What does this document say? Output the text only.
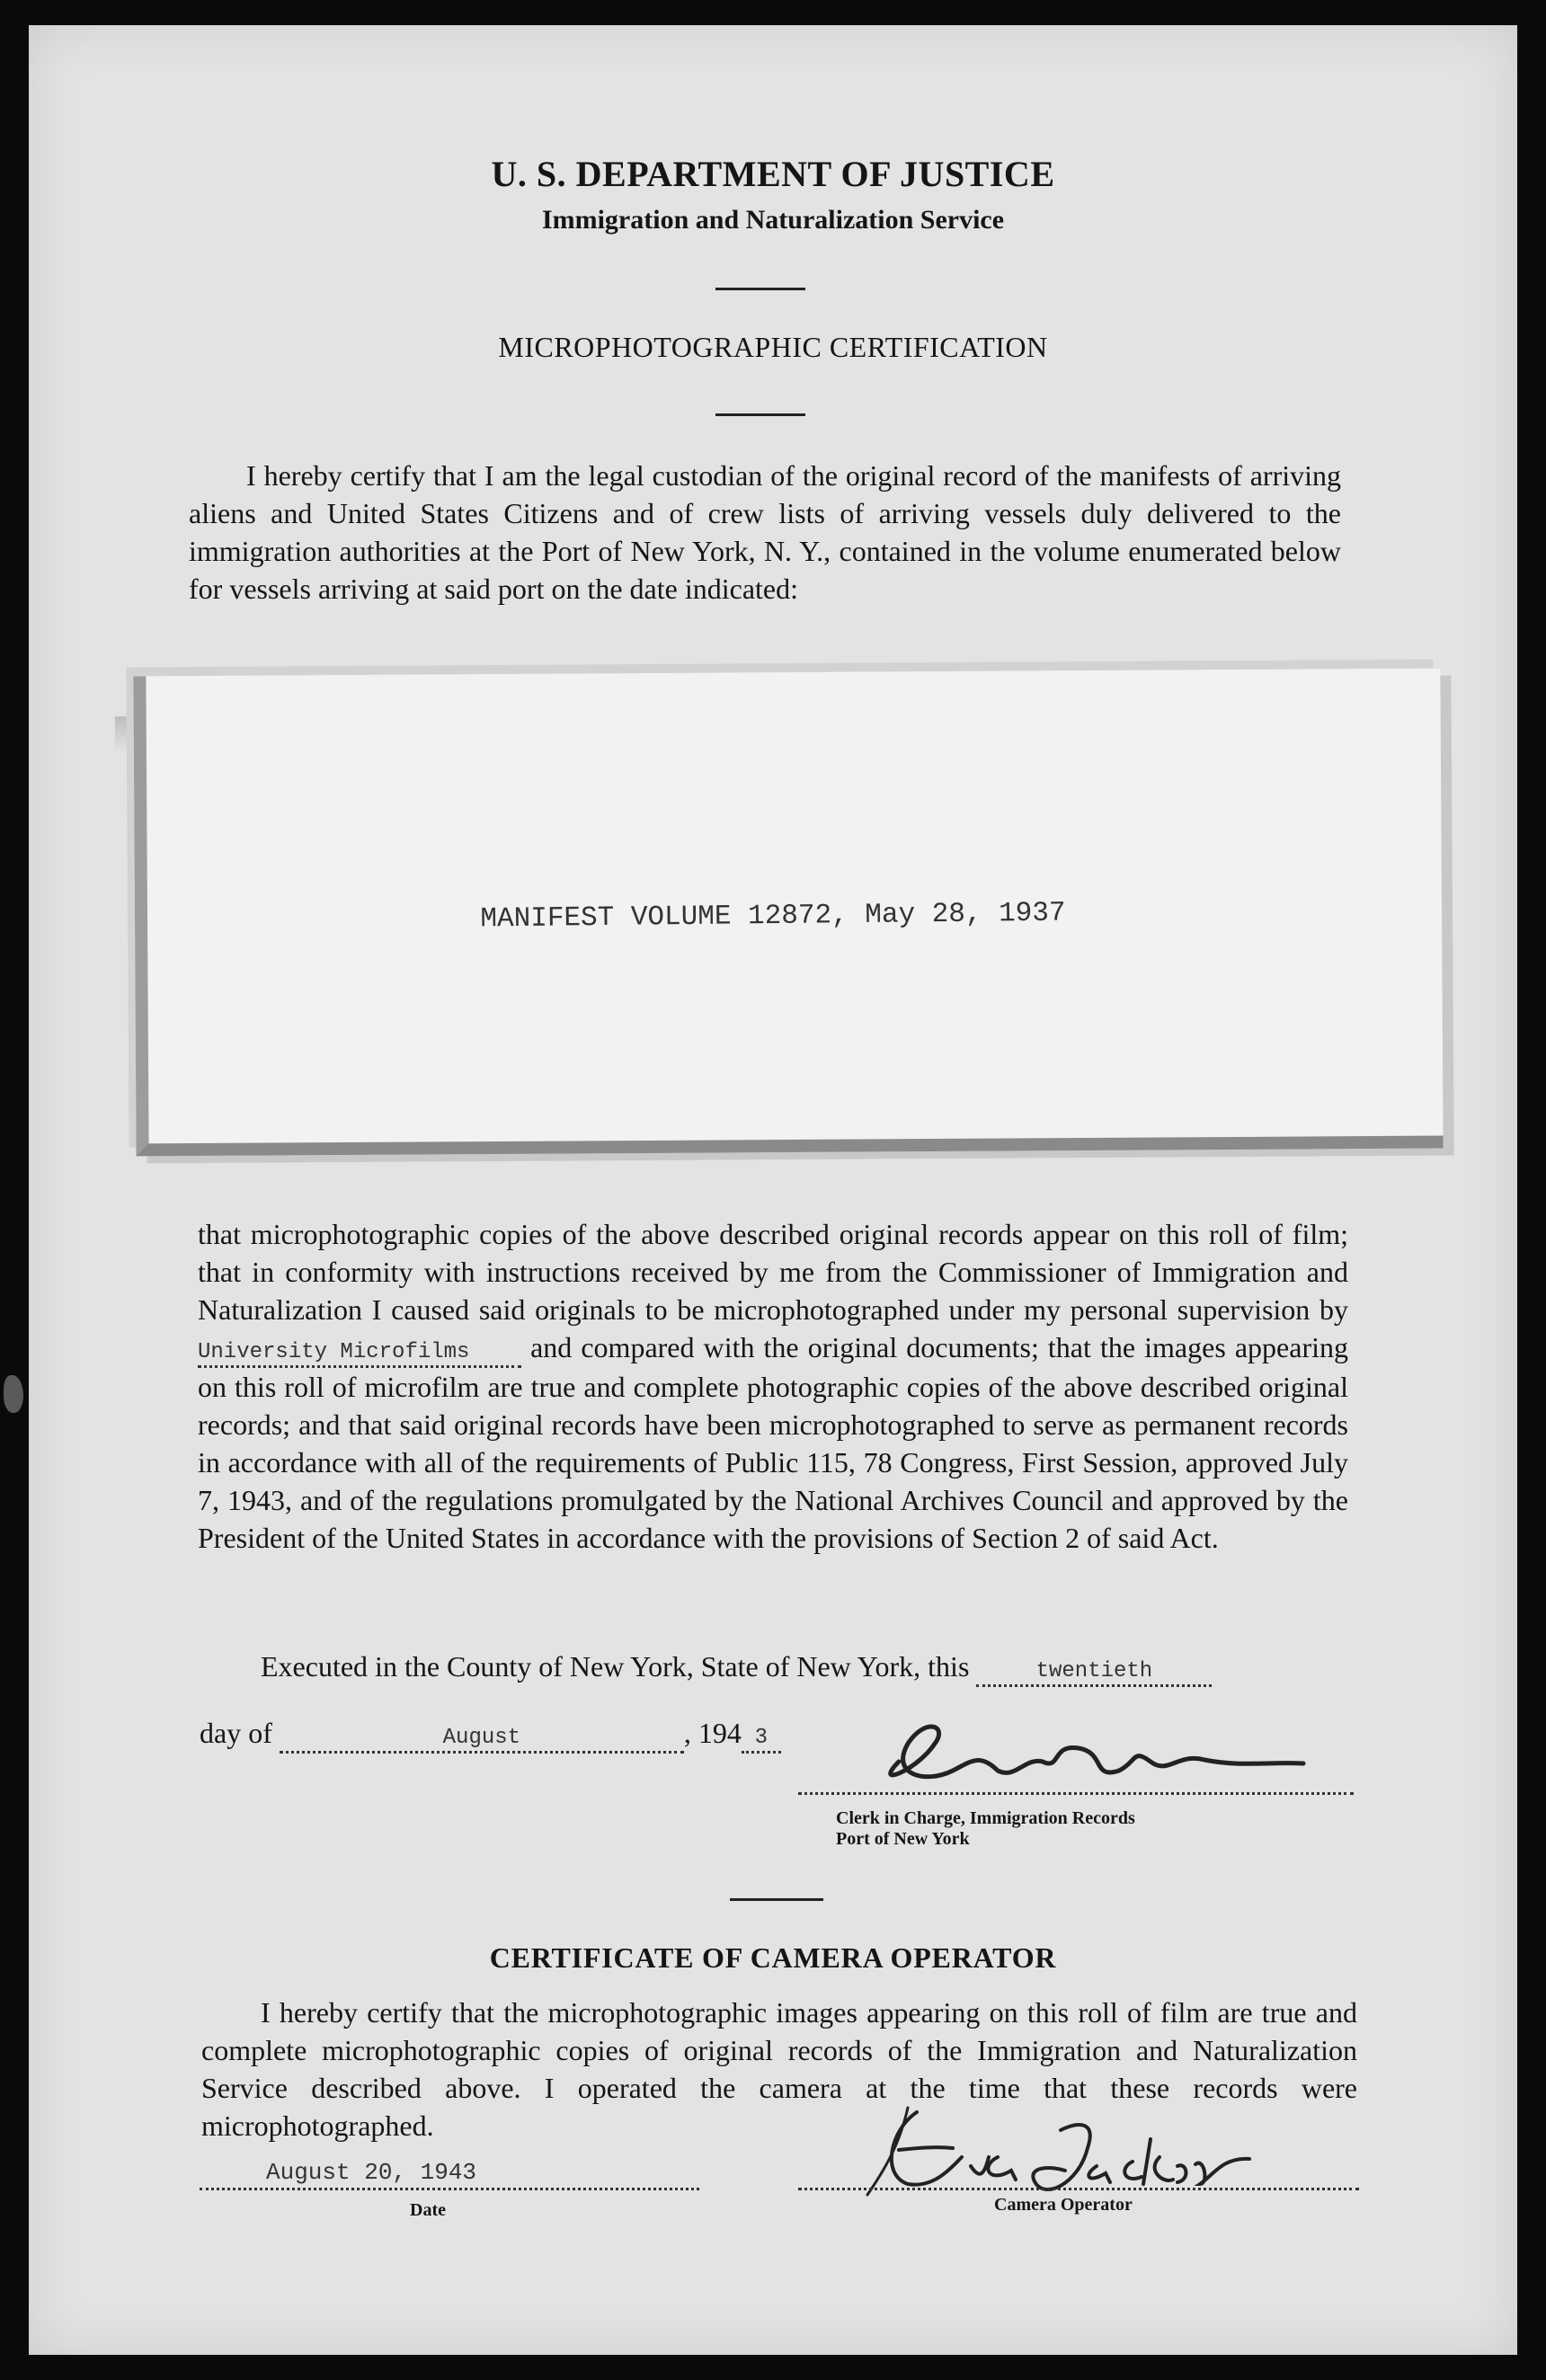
U. S. DEPARTMENT OF JUSTICE
Immigration and Naturalization Service
MICROPHOTOGRAPHIC CERTIFICATION
I hereby certify that I am the legal custodian of the original record of the manifests of arriving aliens and United States Citizens and of crew lists of arriving vessels duly delivered to the immigration authorities at the Port of New York, N. Y., contained in the volume enumerated below for vessels arriving at said port on the date indicated:
MANIFEST VOLUME 12872, May 28, 1937
that microphotographic copies of the above described original records appear on this roll of film; that in conformity with instructions received by me from the Commissioner of Immigration and Naturalization I caused said originals to be microphotographed under my personal supervision by University Microfilms and compared with the original documents; that the images appearing on this roll of microfilm are true and complete photographic copies of the above described original records; and that said original records have been microphotographed to serve as permanent records in accordance with all of the requirements of Public 115, 78 Congress, First Session, approved July 7, 1943, and of the regulations promulgated by the National Archives Council and approved by the President of the United States in accordance with the provisions of Section 2 of said Act.
Executed in the County of New York, State of New York, this	twentieth
day of	August	, 194 3
Clerk in Charge, Immigration Records
Port of New York
CERTIFICATE OF CAMERA OPERATOR
I hereby certify that the microphotographic images appearing on this roll of film are true and complete microphotographic copies of original records of the Immigration and Naturalization Service described above. I operated the camera at the time that these records were microphotographed.
August 20, 1943
Date	Camera Operator
